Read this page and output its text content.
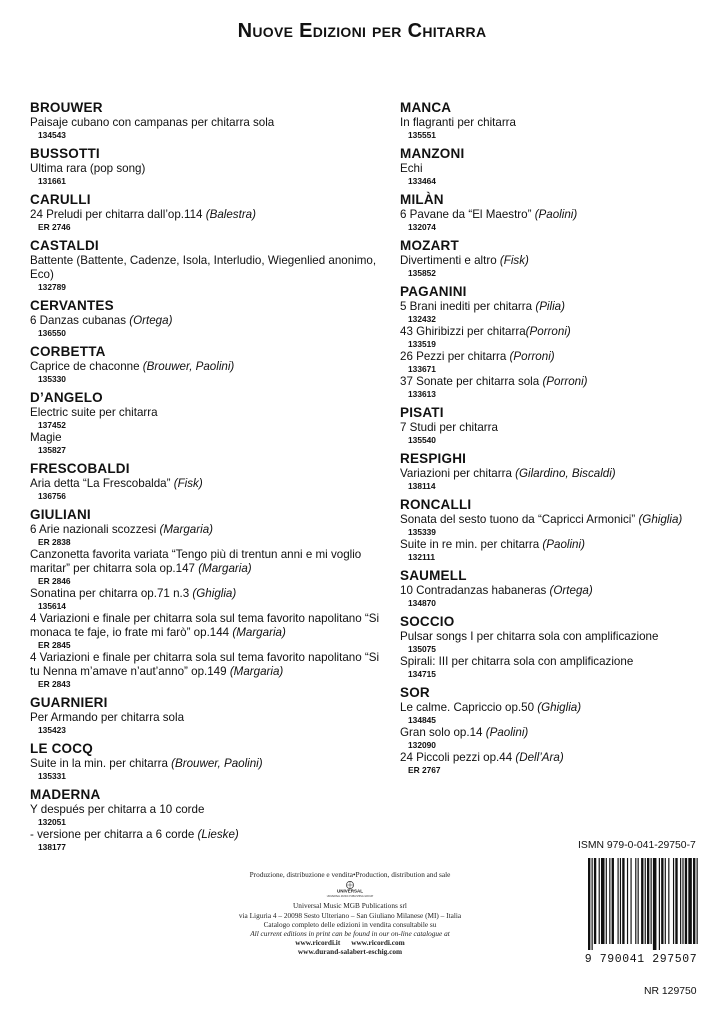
Nuove Edizioni per Chitarra
BROUWER
Paisaje cubano con campanas per chitarra sola
134543
BUSSOTTI
Ultima rara (pop song)
131661
CARULLI
24 Preludi per chitarra dall’op.114 (Balestra)
ER 2746
CASTALDI
Battente (Battente, Cadenze, Isola, Interludio, Wiegenlied anonimo, Eco)
132789
CERVANTES
6 Danzas cubanas (Ortega)
136550
CORBETTA
Caprice de chaconne (Brouwer, Paolini)
135330
D’ANGELO
Electric suite per chitarra
137452
Magie
135827
FRESCOBALDI
Aria detta “La Frescobalda” (Fisk)
136756
GIULIANI
6 Arie nazionali scozzesi (Margaria)
ER 2838
Canzonetta favorita variata “Tengo più di trentun anni e mi voglio maritar” per chitarra sola op.147 (Margaria)
ER 2846
Sonatina per chitarra op.71 n.3 (Ghiglia)
135614
4 Variazioni e finale per chitarra sola sul tema favorito napolitano “Si monaca te faje, io frate mi farò” op.144 (Margaria)
ER 2845
4 Variazioni e finale per chitarra sola sul tema favorito napolitano “Si tu Nenna m’amave n’aut’anno” op.149 (Margaria)
ER 2843
GUARNIERI
Per Armando per chitarra sola
135423
LE COCQ
Suite in la min. per chitarra (Brouwer, Paolini)
135331
MADERNA
Y después per chitarra a 10 corde
132051
- versione per chitarra a 6 corde (Lieske)
138177
MANCA
In flagranti per chitarra
135551
MANZONI
Echi
133464
MILÀN
6 Pavane da “El Maestro” (Paolini)
132074
MOZART
Divertimenti e altro (Fisk)
135852
PAGANINI
5 Brani inediti per chitarra (Pilia)
132432
43 Ghiribizzi per chitarra(Porroni)
133519
26 Pezzi per chitarra (Porroni)
133671
37 Sonate per chitarra sola (Porroni)
133613
PISATI
7 Studi per chitarra
135540
RESPIGHI
Variazioni per chitarra (Gilardino, Biscaldi)
138114
RONCALLI
Sonata del sesto tuono da “Capricci Armonici” (Ghiglia)
135339
Suite in re min. per chitarra (Paolini)
132111
SAUMELL
10 Contradanzas habaneras (Ortega)
134870
SOCCIO
Pulsar songs I per chitarra sola con amplificazione
135075
Spirali: III per chitarra sola con amplificazione
134715
SOR
Le calme. Capriccio op.50 (Ghiglia)
134845
Gran solo op.14 (Paolini)
132090
24 Piccoli pezzi op.44 (Dell’Ara)
ER 2767
Produzione, distribuzione e vendita•Production, distribution and sale
UNIVERSAL
UNIVERSAL MUSIC PUBLISHING GROUP
Universal Music MGB Publications srl
via Liguria 4 – 20098 Sesto Ulteriano – San Giuliano Milanese (MI) – Italia
Catalogo completo delle edizioni in vendita consultabile su
All current editions in print can be found in our on-line catalogue at
www.ricordi.it www.ricordi.com
www.durand-salabert-eschig.com
ISMN 979-0-041-29750-7
9 790041 297507
NR 129750
